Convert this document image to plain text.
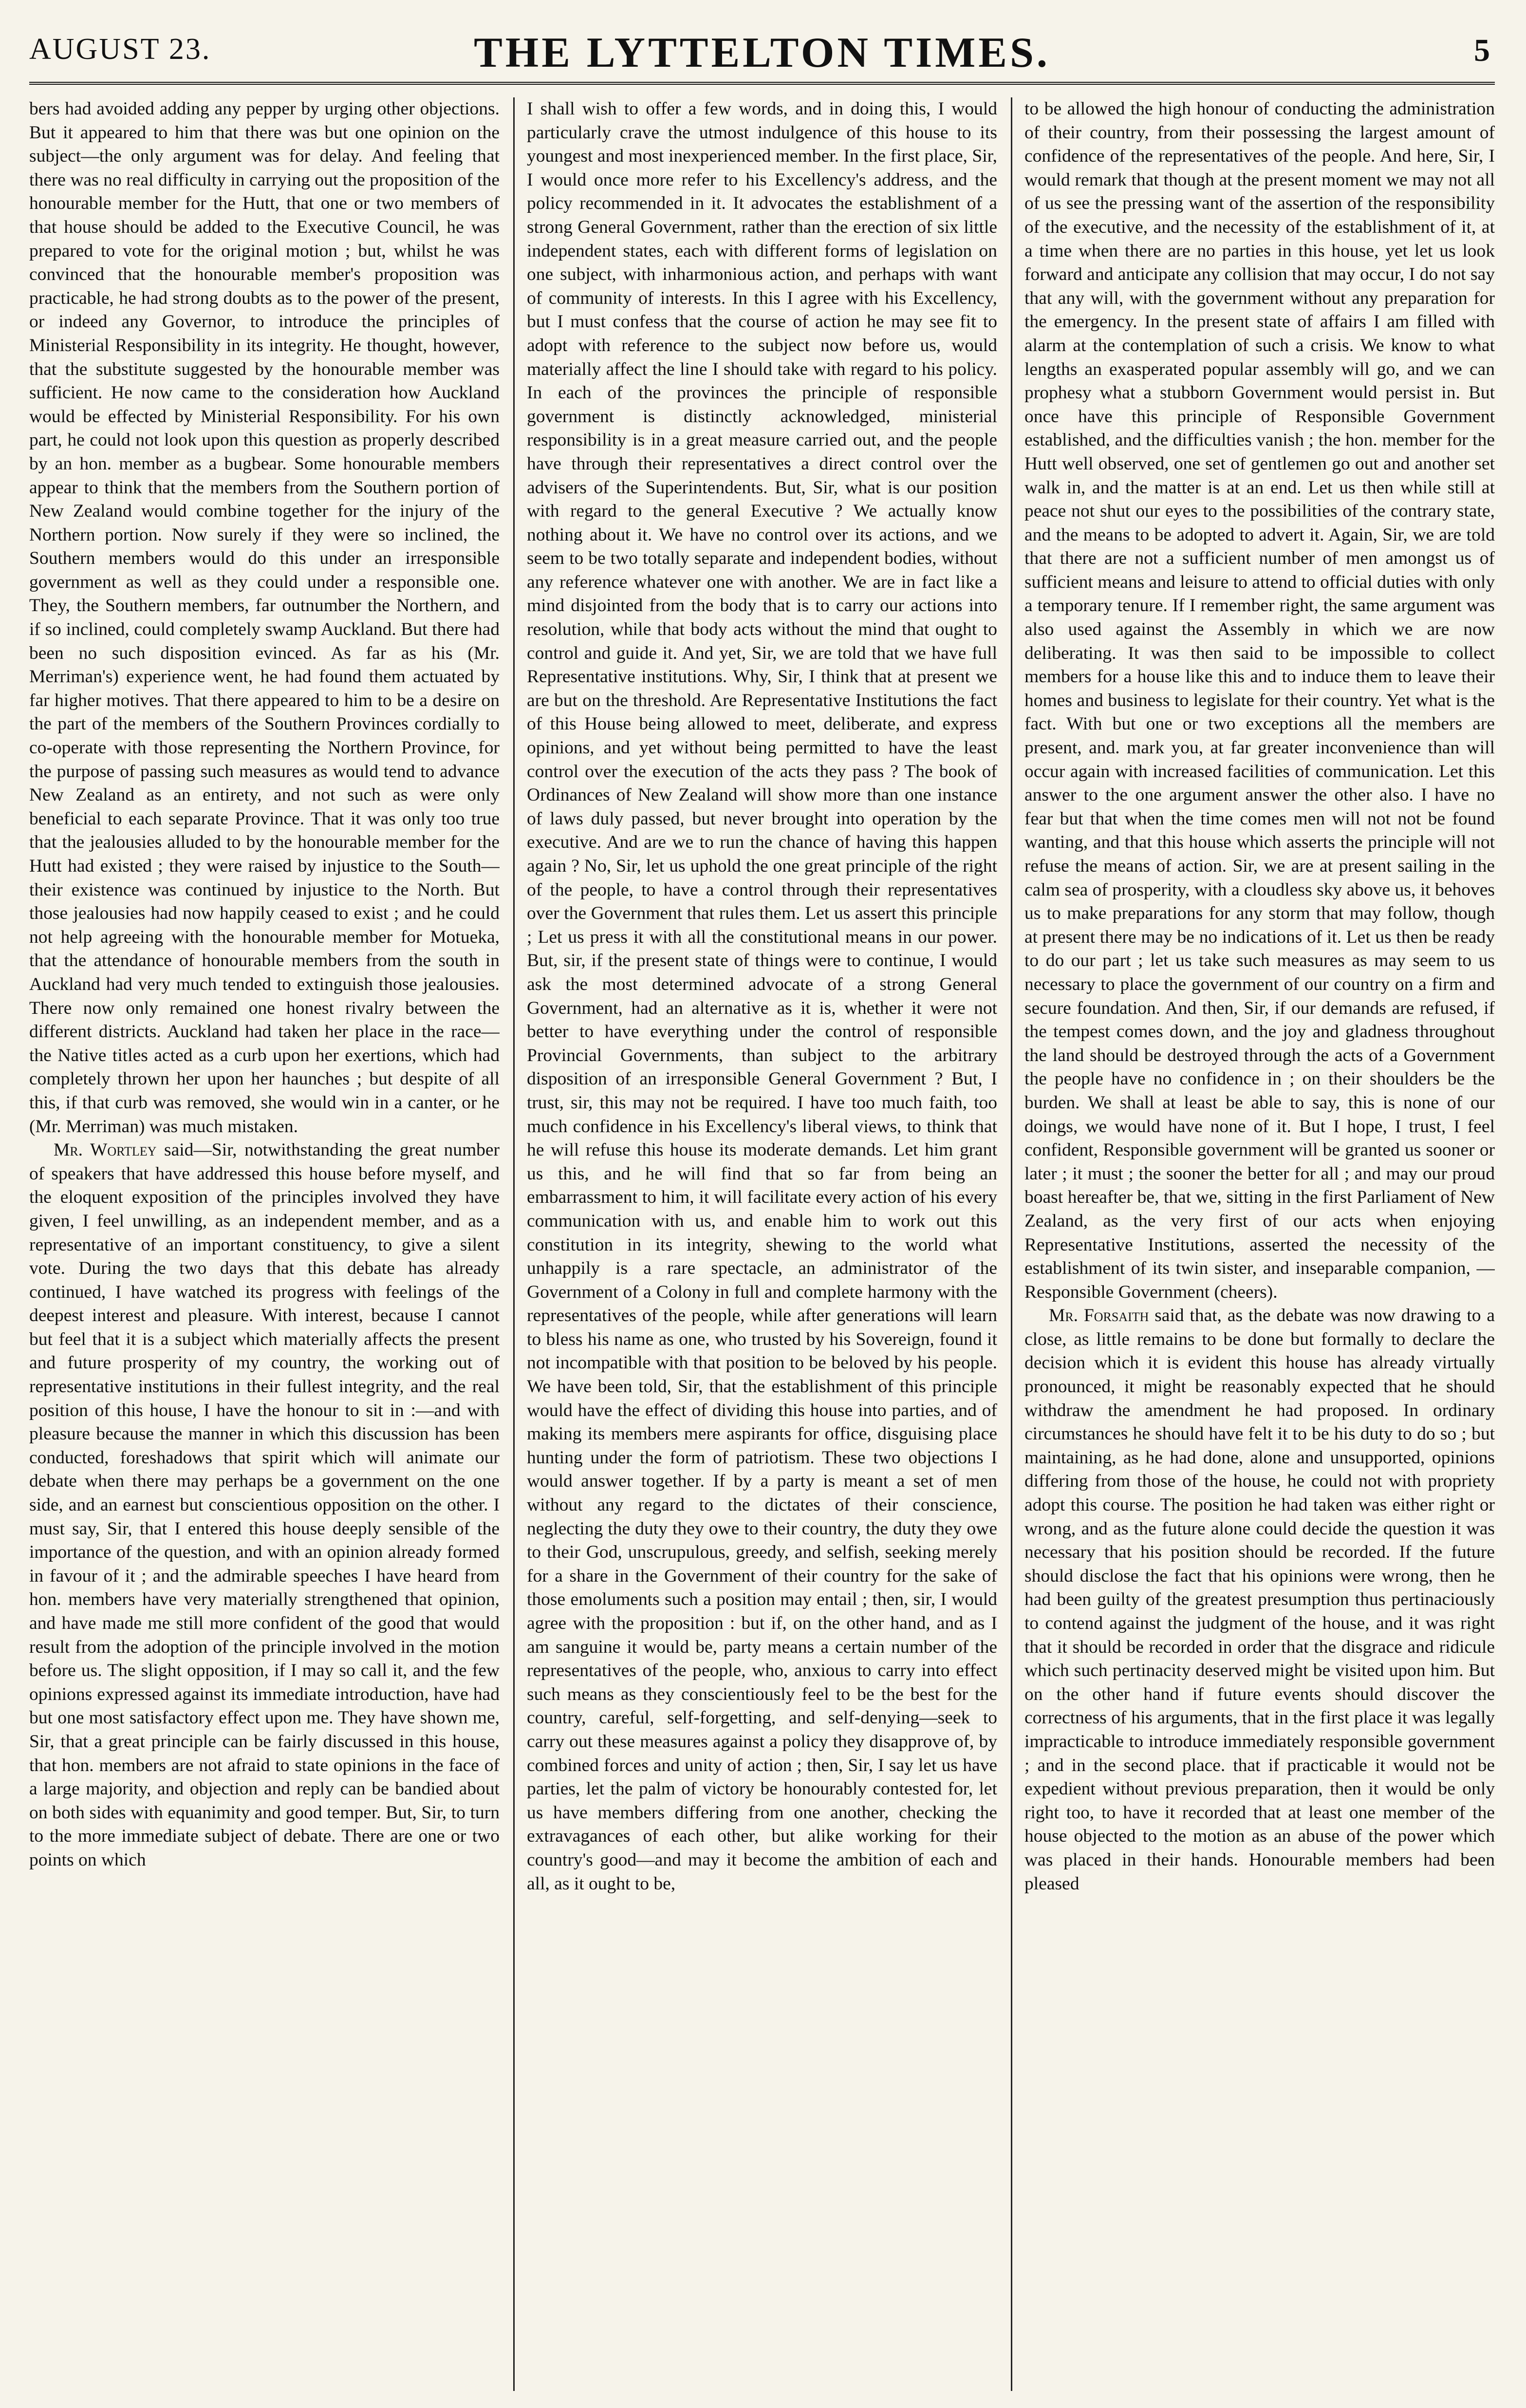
AUGUST 23.	THE LYTTELTON TIMES.	5

bers had avoided adding any pepper by urging other objections. But it appeared to him that there was but one opinion on the subject—the only argument was for delay. And feeling that there was no real difficulty in carrying out the proposition of the honourable member for the Hutt, that one or two members of that house should be added to the Executive Council, he was prepared to vote for the original motion ; but, whilst he was convinced that the honourable member's proposition was practicable, he had strong doubts as to the power of the present, or indeed any Governor, to introduce the principles of Ministerial Responsibility in its integrity. He thought, however, that the substitute suggested by the honourable member was sufficient. He now came to the consideration how Auckland would be effected by Ministerial Responsibility. For his own part, he could not look upon this question as properly described by an hon. member as a bugbear. Some honourable members appear to think that the members from the Southern portion of New Zealand would combine together for the injury of the Northern portion. Now surely if they were so inclined, the Southern members would do this under an irresponsible government as well as they could under a responsible one. They, the Southern members, far outnumber the Northern, and if so inclined, could completely swamp Auckland. But there had been no such disposition evinced. As far as his (Mr. Merriman's) experience went, he had found them actuated by far higher motives. That there appeared to him to be a desire on the part of the members of the Southern Provinces cordially to co-operate with those representing the Northern Province, for the purpose of passing such measures as would tend to advance New Zealand as an entirety, and not such as were only beneficial to each separate Province. That it was only too true that the jealousies alluded to by the honourable member for the Hutt had existed ; they were raised by injustice to the South—their existence was continued by injustice to the North. But those jealousies had now happily ceased to exist ; and he could not help agreeing with the honourable member for Motueka, that the attendance of honourable members from the south in Auckland had very much tended to extinguish those jealousies. There now only remained one honest rivalry between the different districts. Auckland had taken her place in the race—the Native titles acted as a curb upon her exertions, which had completely thrown her upon her haunches ; but despite of all this, if that curb was removed, she would win in a canter, or he (Mr. Merriman) was much mistaken.

Mr. Wortley said—Sir, notwithstanding the great number of speakers that have addressed this house before myself, and the eloquent exposition of the principles involved they have given, I feel unwilling, as an independent member, and as a representative of an important constituency, to give a silent vote. During the two days that this debate has already continued, I have watched its progress with feelings of the deepest interest and pleasure. With interest, because I cannot but feel that it is a subject which materially affects the present and future prosperity of my country, the working out of representative institutions in their fullest integrity, and the real position of this house, I have the honour to sit in :—and with pleasure because the manner in which this discussion has been conducted, foreshadows that spirit which will animate our debate when there may perhaps be a government on the one side, and an earnest but conscientious opposition on the other. I must say, Sir, that I entered this house deeply sensible of the importance of the question, and with an opinion already formed in favour of it ; and the admirable speeches I have heard from hon. members have very materially strengthened that opinion, and have made me still more confident of the good that would result from the adoption of the principle involved in the motion before us. The slight opposition, if I may so call it, and the few opinions expressed against its immediate introduction, have had but one most satisfactory effect upon me. They have shown me, Sir, that a great principle can be fairly discussed in this house, that hon. members are not afraid to state opinions in the face of a large majority, and objection and reply can be bandied about on both sides with equanimity and good temper. But, Sir, to turn to the more immediate subject of debate. There are one or two points on which

I shall wish to offer a few words, and in doing this, I would particularly crave the utmost indulgence of this house to its youngest and most inexperienced member. In the first place, Sir, I would once more refer to his Excellency's address, and the policy recommended in it. It advocates the establishment of a strong General Government, rather than the erection of six little independent states, each with different forms of legislation on one subject, with inharmonious action, and perhaps with want of community of interests. In this I agree with his Excellency, but I must confess that the course of action he may see fit to adopt with reference to the subject now before us, would materially affect the line I should take with regard to his policy. In each of the provinces the principle of responsible government is distinctly acknowledged, ministerial responsibility is in a great measure carried out, and the people have through their representatives a direct control over the advisers of the Superintendents. But, Sir, what is our position with regard to the general Executive ? We actually know nothing about it. We have no control over its actions, and we seem to be two totally separate and independent bodies, without any reference whatever one with another. We are in fact like a mind disjointed from the body that is to carry our actions into resolution, while that body acts without the mind that ought to control and guide it. And yet, Sir, we are told that we have full Representative institutions. Why, Sir, I think that at present we are but on the threshold. Are Representative Institutions the fact of this House being allowed to meet, deliberate, and express opinions, and yet without being permitted to have the least control over the execution of the acts they pass ? The book of Ordinances of New Zealand will show more than one instance of laws duly passed, but never brought into operation by the executive. And are we to run the chance of having this happen again ? No, Sir, let us uphold the one great principle of the right of the people, to have a control through their representatives over the Government that rules them. Let us assert this principle ; Let us press it with all the constitutional means in our power. But, sir, if the present state of things were to continue, I would ask the most determined advocate of a strong General Government, had an alternative as it is, whether it were not better to have everything under the control of responsible Provincial Governments, than subject to the arbitrary disposition of an irresponsible General Government ? But, I trust, sir, this may not be required. I have too much faith, too much confidence in his Excellency's liberal views, to think that he will refuse this house its moderate demands. Let him grant us this, and he will find that so far from being an embarrassment to him, it will facilitate every action of his every communication with us, and enable him to work out this constitution in its integrity, shewing to the world what unhappily is a rare spectacle, an administrator of the Government of a Colony in full and complete harmony with the representatives of the people, while after generations will learn to bless his name as one, who trusted by his Sovereign, found it not incompatible with that position to be beloved by his people. We have been told, Sir, that the establishment of this principle would have the effect of dividing this house into parties, and of making its members mere aspirants for office, disguising place hunting under the form of patriotism. These two objections I would answer together. If by a party is meant a set of men without any regard to the dictates of their conscience, neglecting the duty they owe to their country, the duty they owe to their God, unscrupulous, greedy, and selfish, seeking merely for a share in the Government of their country for the sake of those emoluments such a position may entail ; then, sir, I would agree with the proposition : but if, on the other hand, and as I am sanguine it would be, party means a certain number of the representatives of the people, who, anxious to carry into effect such means as they conscientiously feel to be the best for the country, careful, self-forgetting, and self-denying—seek to carry out these measures against a policy they disapprove of, by combined forces and unity of action ; then, Sir, I say let us have parties, let the palm of victory be honourably contested for, let us have members differing from one another, checking the extravagances of each other, but alike working for their country's good—and may it become the ambition of each and all, as it ought to be,

to be allowed the high honour of conducting the administration of their country, from their possessing the largest amount of confidence of the representatives of the people. And here, Sir, I would remark that though at the present moment we may not all of us see the pressing want of the assertion of the responsibility of the executive, and the necessity of the establishment of it, at a time when there are no parties in this house, yet let us look forward and anticipate any collision that may occur, I do not say that any will, with the government without any preparation for the emergency. In the present state of affairs I am filled with alarm at the contemplation of such a crisis. We know to what lengths an exasperated popular assembly will go, and we can prophesy what a stubborn Government would persist in. But once have this principle of Responsible Government established, and the difficulties vanish ; the hon. member for the Hutt well observed, one set of gentlemen go out and another set walk in, and the matter is at an end. Let us then while still at peace not shut our eyes to the possibilities of the contrary state, and the means to be adopted to advert it. Again, Sir, we are told that there are not a sufficient number of men amongst us of sufficient means and leisure to attend to official duties with only a temporary tenure. If I remember right, the same argument was also used against the Assembly in which we are now deliberating. It was then said to be impossible to collect members for a house like this and to induce them to leave their homes and business to legislate for their country. Yet what is the fact. With but one or two exceptions all the members are present, and. mark you, at far greater inconvenience than will occur again with increased facilities of communication. Let this answer to the one argument answer the other also. I have no fear but that when the time comes men will not not be found wanting, and that this house which asserts the principle will not refuse the means of action. Sir, we are at present sailing in the calm sea of prosperity, with a cloudless sky above us, it behoves us to make preparations for any storm that may follow, though at present there may be no indications of it. Let us then be ready to do our part ; let us take such measures as may seem to us necessary to place the government of our country on a firm and secure foundation. And then, Sir, if our demands are refused, if the tempest comes down, and the joy and gladness throughout the land should be destroyed through the acts of a Government the people have no confidence in ; on their shoulders be the burden. We shall at least be able to say, this is none of our doings, we would have none of it. But I hope, I trust, I feel confident, Responsible government will be granted us sooner or later ; it must ; the sooner the better for all ; and may our proud boast hereafter be, that we, sitting in the first Parliament of New Zealand, as the very first of our acts when enjoying Representative Institutions, asserted the necessity of the establishment of its twin sister, and inseparable companion, — Responsible Government (cheers).

Mr. Forsaith said that, as the debate was now drawing to a close, as little remains to be done but formally to declare the decision which it is evident this house has already virtually pronounced, it might be reasonably expected that he should withdraw the amendment he had proposed. In ordinary circumstances he should have felt it to be his duty to do so ; but maintaining, as he had done, alone and unsupported, opinions differing from those of the house, he could not with propriety adopt this course. The position he had taken was either right or wrong, and as the future alone could decide the question it was necessary that his position should be recorded. If the future should disclose the fact that his opinions were wrong, then he had been guilty of the greatest presumption thus pertinaciously to contend against the judgment of the house, and it was right that it should be recorded in order that the disgrace and ridicule which such pertinacity deserved might be visited upon him. But on the other hand if future events should discover the correctness of his arguments, that in the first place it was legally impracticable to introduce immediately responsible government ; and in the second place. that if practicable it would not be expedient without previous preparation, then it would be only right too, to have it recorded that at least one member of the house objected to the motion as an abuse of the power which was placed in their hands. Honourable members had been pleased
